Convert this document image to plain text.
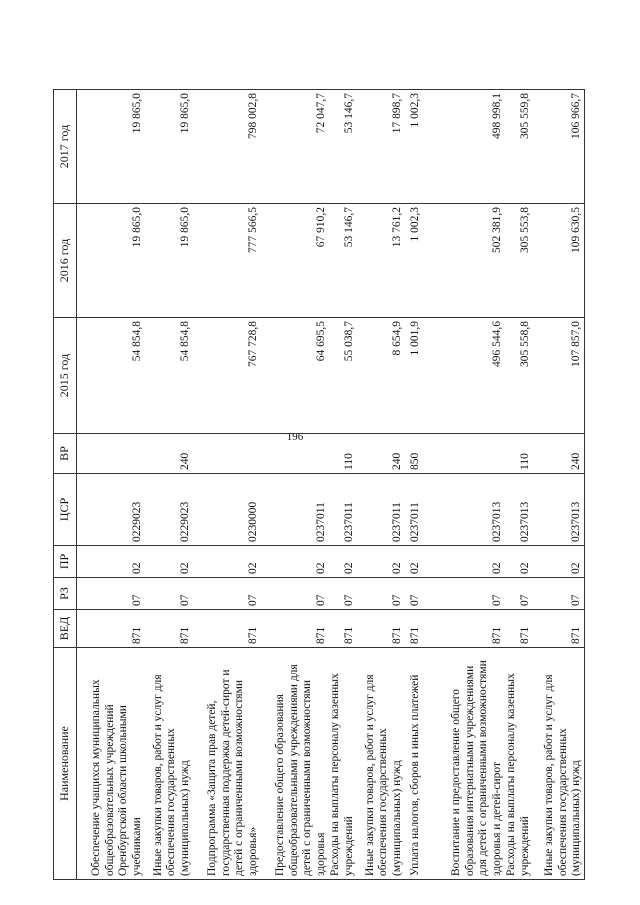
196
Наименование	ВЕД	РЗ	ПР	ЦСР	ВР	2015 год	2016 год	2017 год
Обеспечение учащихся муниципальных общеобразовательных учреждений Оренбургской области школьными учебниками	871	07	02	0229023		54 854,8	19 865,0	19 865,0
Иные закупки товаров, работ и услуг для обеспечения государственных (муниципальных) нужд	871	07	02	0229023	240	54 854,8	19 865,0	19 865,0
Подпрограмма «Защита прав детей, государственная поддержка детей-сирот и детей с ограниченными возможностями здоровья»	871	07	02	0230000		767 728,8	777 566,5	798 002,8
Предоставление общего образования общеобразовательными учреждениями для детей с ограниченными возможностями здоровья	871	07	02	0237011		64 695,5	67 910,2	72 047,7
Расходы на выплаты персоналу казенных учреждений	871	07	02	0237011	110	55 038,7	53 146,7	53 146,7
Иные закупки товаров, работ и услуг для обеспечения государственных (муниципальных) нужд	871	07	02	0237011	240	8 654,9	13 761,2	17 898,7
Уплата налогов, сборов и иных платежей	871	07	02	0237011	850	1 001,9	1 002,3	1 002,3
Воспитание и предоставление общего образования интернатными учреждениями для детей с ограниченными возможностями здоровья и детей-сирот	871	07	02	0237013		496 544,6	502 381,9	498 998,1
Расходы на выплаты персоналу казенных учреждений	871	07	02	0237013	110	305 558,8	305 553,8	305 559,8
Иные закупки товаров, работ и услуг для обеспечения государственных (муниципальных) нужд	871	07	02	0237013	240	107 857,0	109 630,5	106 966,7
